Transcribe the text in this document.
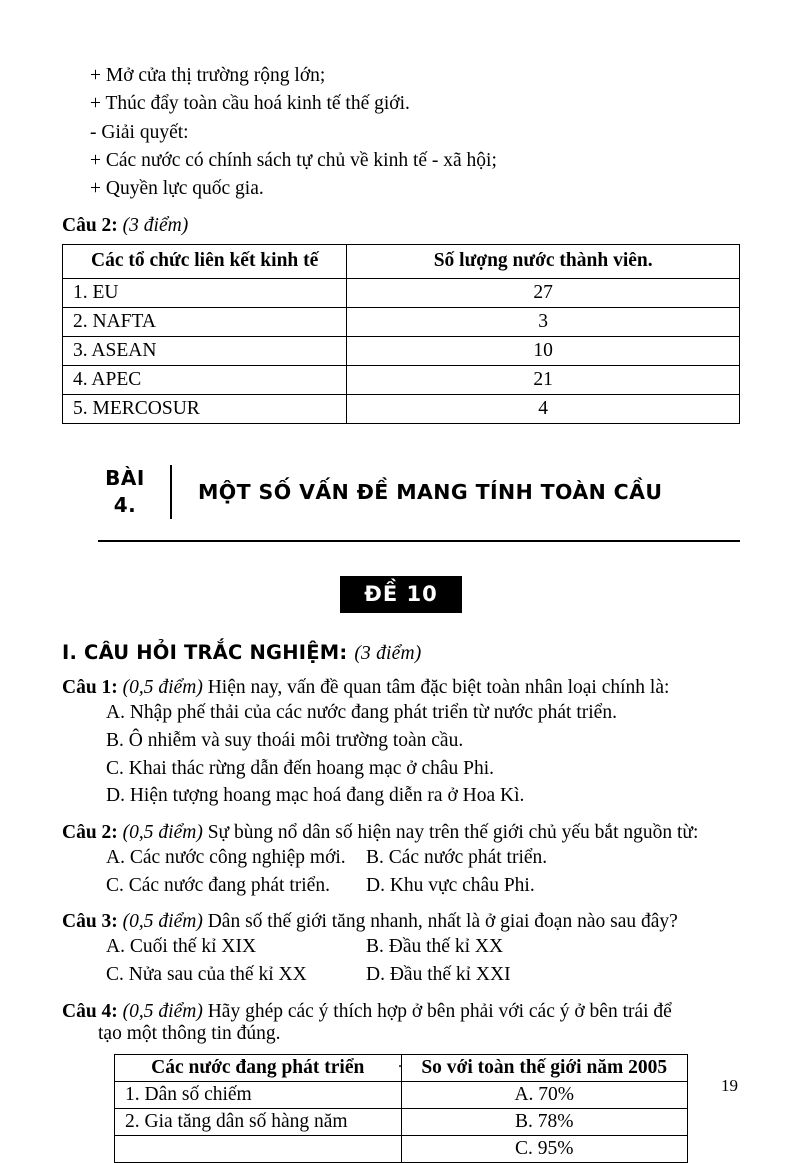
+ Mở cửa thị trường rộng lớn;
+ Thúc đẩy toàn cầu hoá kinh tế thế giới.
- Giải quyết:
+ Các nước có chính sách tự chủ về kinh tế - xã hội;
+ Quyền lực quốc gia.
Câu 2: (3 điểm)
Các tổ chức liên kết kinh tế	Số lượng nước thành viên.
1. EU	27
2. NAFTA	3
3. ASEAN	10
4. APEC	21
5. MERCOSUR	4
BÀI
4.
MỘT SỐ VẤN ĐỀ MANG TÍNH TOÀN CẦU
ĐỀ 10
I. CÂU HỎI TRẮC NGHIỆM: (3 điểm)
Câu 1: (0,5 điểm) Hiện nay, vấn đề quan tâm đặc biệt toàn nhân loại chính là:
A. Nhập phế thải của các nước đang phát triển từ nước phát triển.
B. Ô nhiễm và suy thoái môi trường toàn cầu.
C. Khai thác rừng dẫn đến hoang mạc ở châu Phi.
D. Hiện tượng hoang mạc hoá đang diễn ra ở Hoa Kì.
Câu 2: (0,5 điểm) Sự bùng nổ dân số hiện nay trên thế giới chủ yếu bắt nguồn từ:
A. Các nước công nghiệp mới.	B. Các nước phát triển.
C. Các nước đang phát triển.	D. Khu vực châu Phi.
Câu 3: (0,5 điểm) Dân số thế giới tăng nhanh, nhất là ở giai đoạn nào sau đây?
A. Cuối thế kỉ XIX	B. Đầu thế kỉ XX
C. Nửa sau của thế kỉ XX	D. Đầu thế kỉ XXI
Câu 4: (0,5 điểm) Hãy ghép các ý thích hợp ở bên phải với các ý ở bên trái để
tạo một thông tin đúng.
Các nước đang phát triển	So với toàn thế giới năm 2005
1. Dân số chiếm	A. 70%
2. Gia tăng dân số hàng năm	B. 78%
	C. 95%
.
19
